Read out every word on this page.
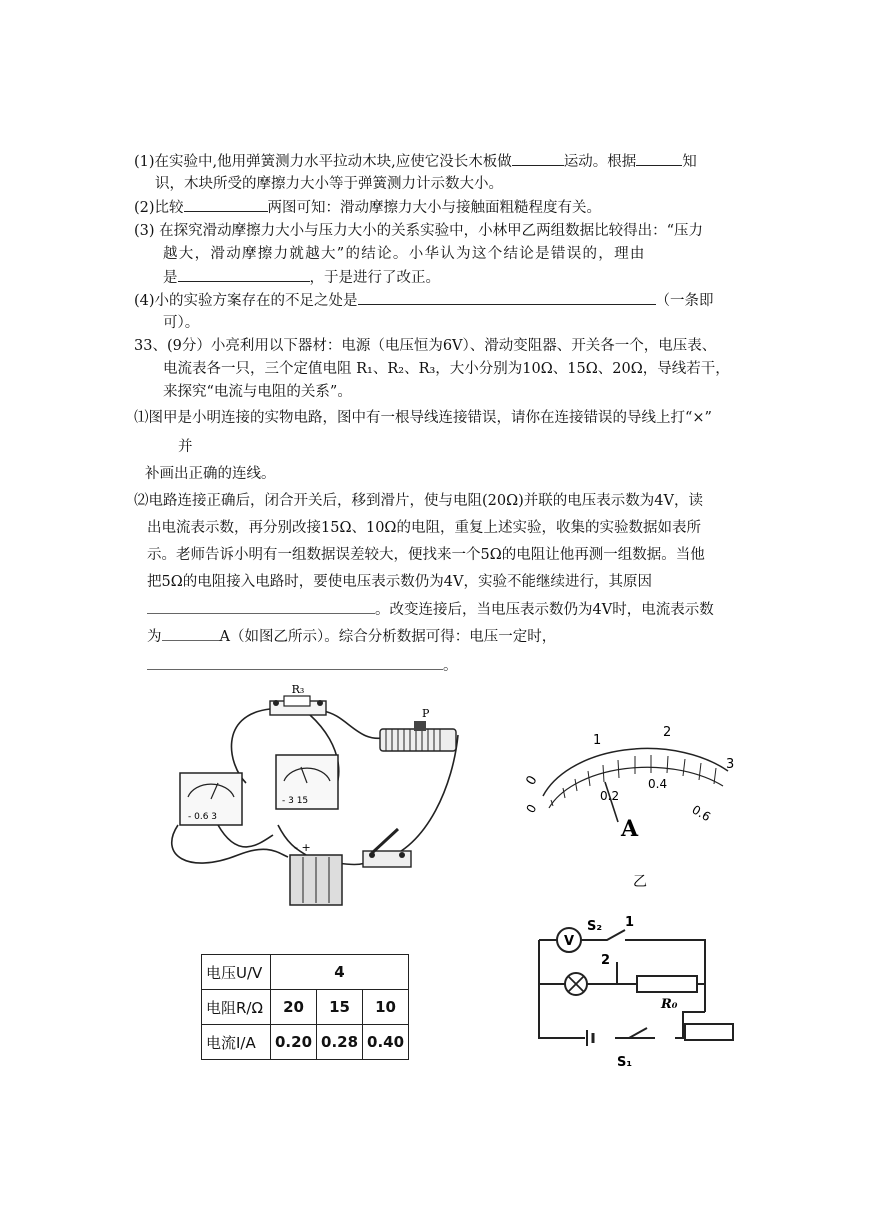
(1)在实验中,他用弹簧测力水平拉动木块,应使它没长木板做	运动。根据	知
识，木块所受的摩擦力大小等于弹簧测力计示数大小。
(2)比较	两图可知：滑动摩擦力大小与接触面粗糙程度有关。
(3) 在探究滑动摩擦力大小与压力大小的关系实验中，小林甲乙两组数据比较得出：“压力
越大，滑动摩擦力就越大”的结论。小华认为这个结论是错误的，理由
是	，于是进行了改正。
(4)小的实验方案存在的不足之处是	（一条即
可）。
33、(9分）小亮利用以下器材：电源（电压恒为6V）、滑动变阻器、开关各一个，电压表、
电流表各一只，三个定值电阻 R₁、R₂、R₃，大小分别为10Ω、15Ω、20Ω，导线若干，
来探究“电流与电阻的关系”。
⑴图甲是小明连接的实物电路，图中有一根导线连接错误，请你在连接错误的导线上打“×”
并
补画出正确的连线。
⑵电路连接正确后，闭合开关后，移到滑片，使与电阻(20Ω)并联的电压表示数为4V，读
出电流表示数，再分别改接15Ω、10Ω的电阻，重复上述实验，收集的实验数据如表所
示。老师告诉小明有一组数据误差较大，便找来一个5Ω的电阻让他再测一组数据。当他
把5Ω的电阻接入电路时，要使电压表示数仍为4V，实验不能继续进行，其原因
。改变连接后，当电压表示数仍为4V时，电流表示数
为	A（如图乙所示）。综合分析数据可得：电压一定时，
。
R₃
P
- 0.6 3
- 3 15
- +
0
1
2
3
0
0.2
0.4
0.6
A
乙
电压U/V	4		
电阻R/Ω	20	15	10
电流I/A	0.20	0.28	0.40
V
S₂ 1
2
R₀
S₁
